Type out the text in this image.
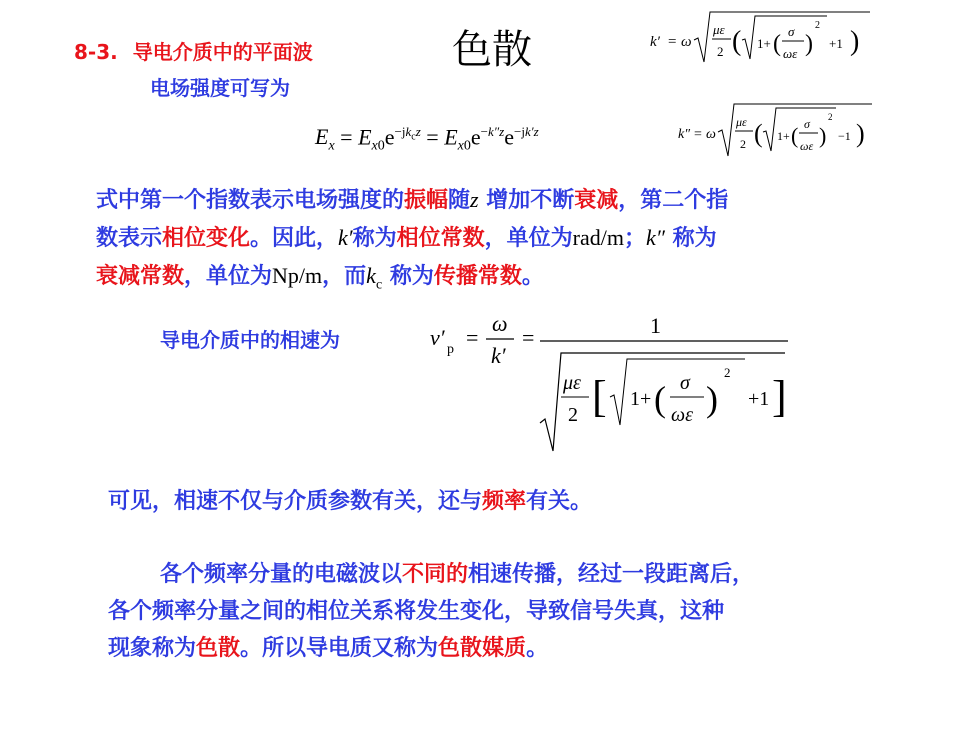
8-3. 导电介质中的平面波
电场强度可写为
色散	k′ = ω
με
2 ( 1+ ( σ
ωε )
2
+1 )
$E_x = E_{x0}e^{-jk_cz} = E_{x0}e^{-k''z}e^{-jk'z}$	k″ = ω
με
2 ( 1+ ( σ
ωε )
2
−1 )
式中第一个指数表示电场强度的振幅随z 增加不断衰减，第二个指
数表示相位变化。因此，k′称为相位常数，单位为rad/m；k″ 称为
衰减常数，单位为Np/m，而$k_c$ 称为传播常数。
导电介质中的相速为	v′ p =
ω
k′
=	1
με
2 [ 1+ ( σ
ωε )
2
+1 ]
可见，相速不仅与介质参数有关，还与频率有关。
各个频率分量的电磁波以不同的相速传播，经过一段距离后，
各个频率分量之间的相位关系将发生变化，导致信号失真，这种
现象称为色散。所以导电质又称为色散媒质。
